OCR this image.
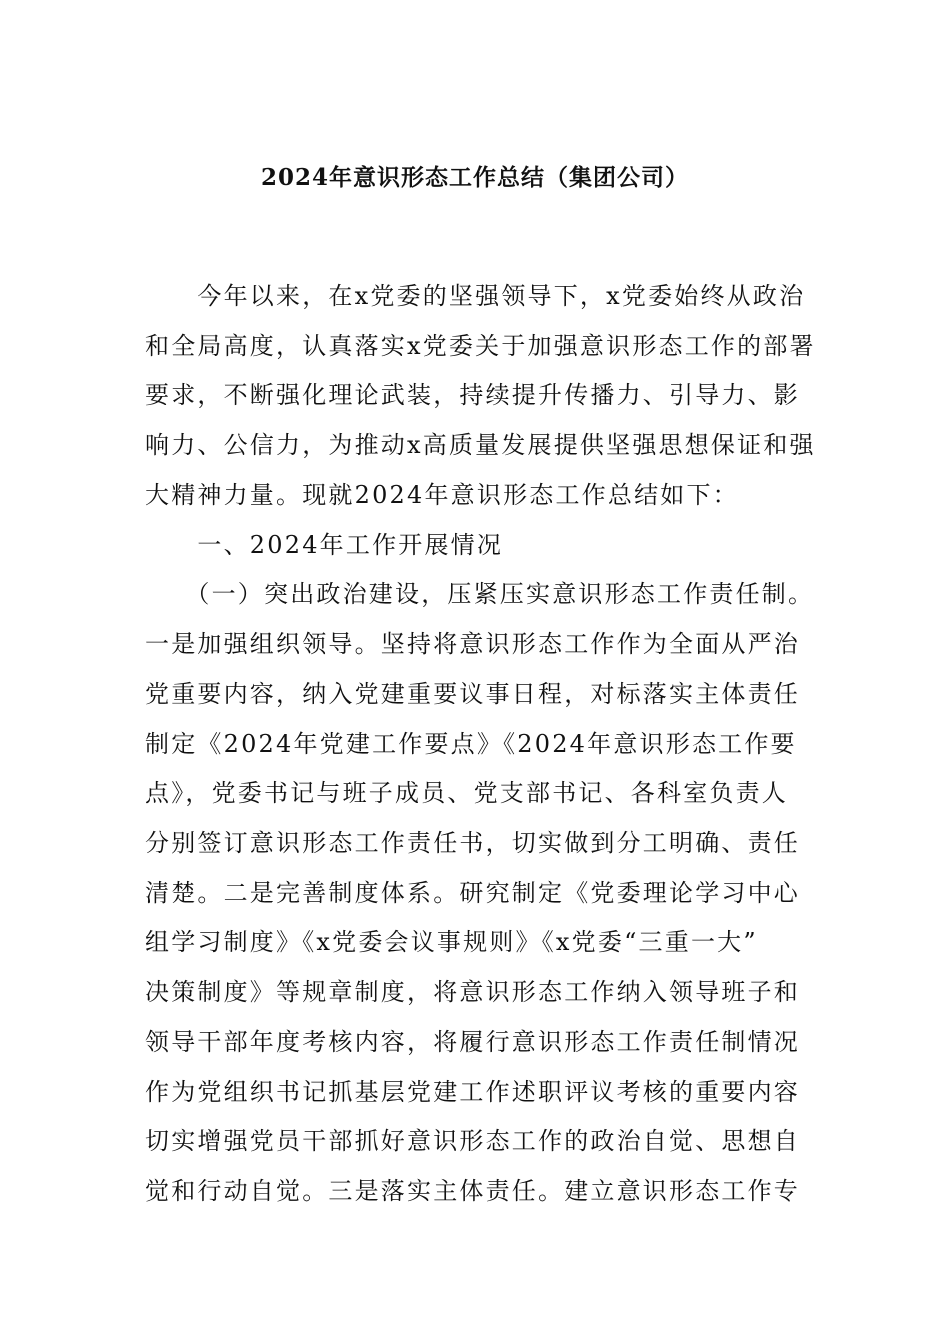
2024年意识形态工作总结（集团公司）
　　今年以来，在x党委的坚强领导下，x党委始终从政治
和全局高度，认真落实x党委关于加强意识形态工作的部署
要求，不断强化理论武装，持续提升传播力、引导力、影
响力、公信力，为推动x高质量发展提供坚强思想保证和强
大精神力量。现就2024年意识形态工作总结如下：
　　一、2024年工作开展情况
　　（一）突出政治建设，压紧压实意识形态工作责任制。
一是加强组织领导。坚持将意识形态工作作为全面从严治
党重要内容，纳入党建重要议事日程，对标落实主体责任
制定《2024年党建工作要点》《2024年意识形态工作要
点》，党委书记与班子成员、党支部书记、各科室负责人
分别签订意识形态工作责任书，切实做到分工明确、责任
清楚。二是完善制度体系。研究制定《党委理论学习中心
组学习制度》《x党委会议事规则》《x党委“三重一大”
决策制度》等规章制度，将意识形态工作纳入领导班子和
领导干部年度考核内容，将履行意识形态工作责任制情况
作为党组织书记抓基层党建工作述职评议考核的重要内容
切实增强党员干部抓好意识形态工作的政治自觉、思想自
觉和行动自觉。三是落实主体责任。建立意识形态工作专
